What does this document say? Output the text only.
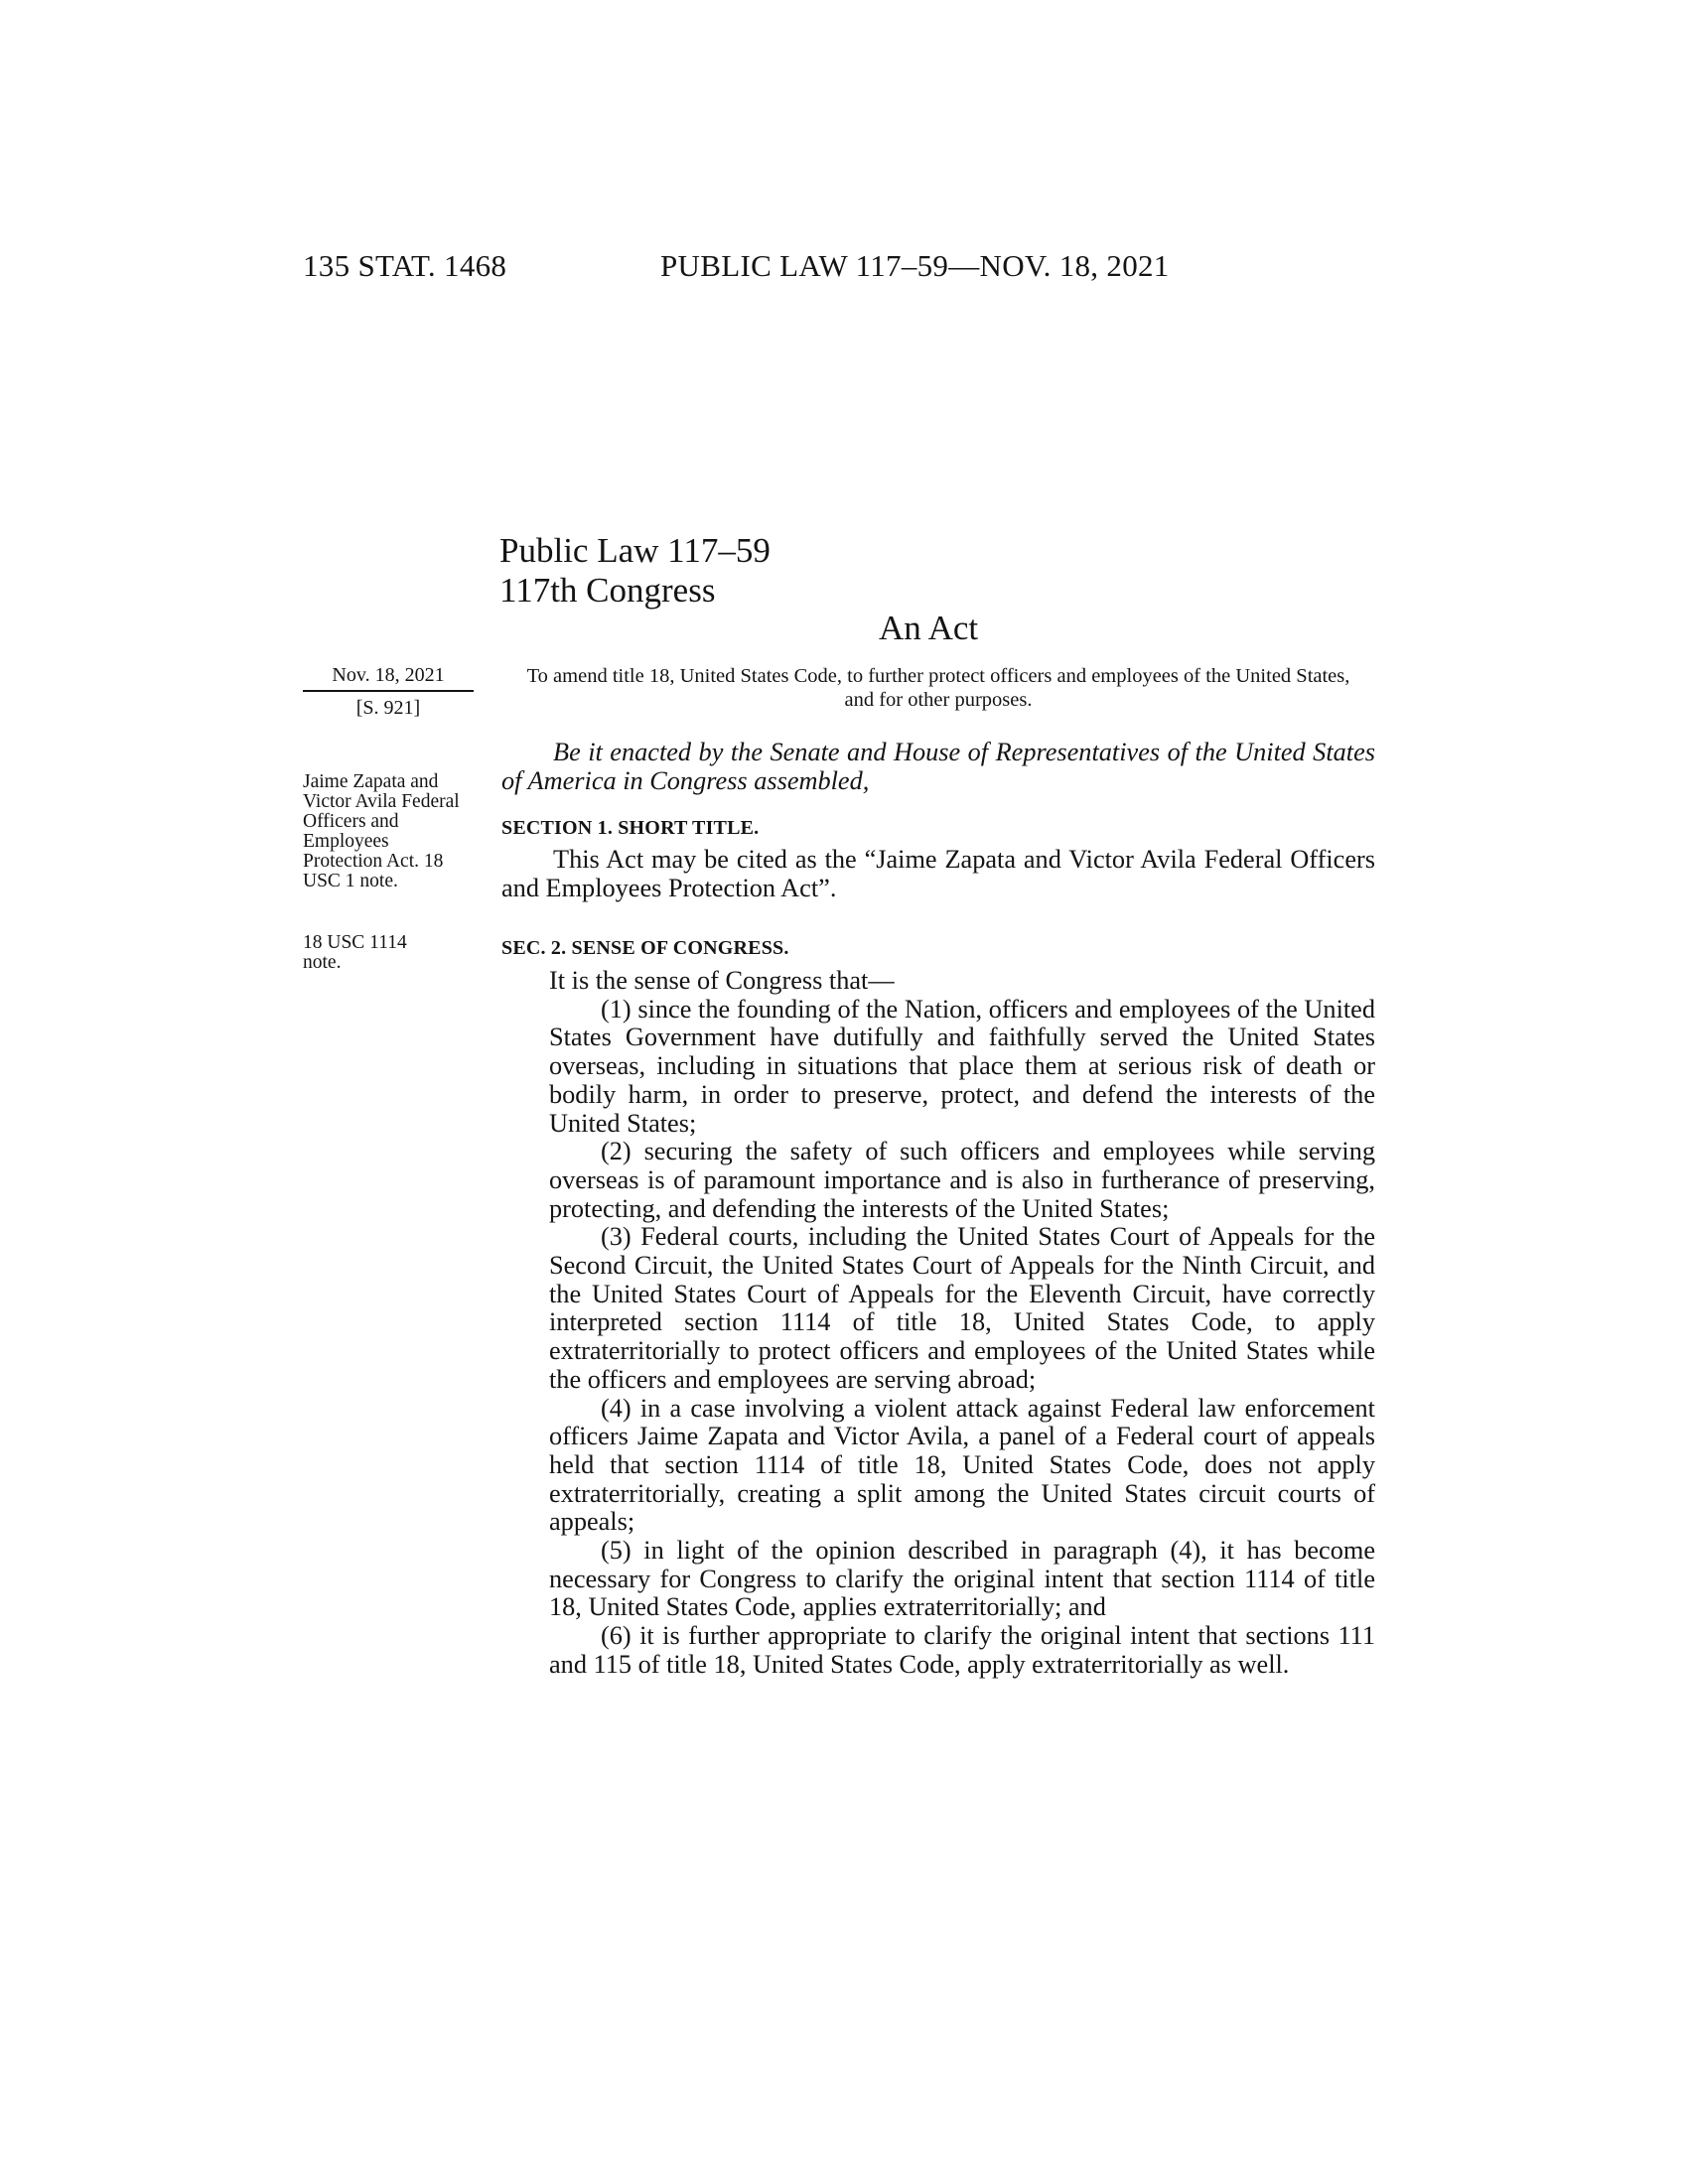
135 STAT. 1468	PUBLIC LAW 117–59—NOV. 18, 2021
Public Law 117–59
117th Congress
An Act
Nov. 18, 2021
[S. 921]
To amend title 18, United States Code, to further protect officers and employees of the United States, and for other purposes.
Jaime Zapata and Victor Avila Federal Officers and Employees Protection Act. 18 USC 1 note.
18 USC 1114 note.
Be it enacted by the Senate and House of Representatives of the United States of America in Congress assembled,
SECTION 1. SHORT TITLE.
This Act may be cited as the “Jaime Zapata and Victor Avila Federal Officers and Employees Protection Act”.
SEC. 2. SENSE OF CONGRESS.

It is the sense of Congress that—

(1) since the founding of the Nation, officers and employees of the United States Government have dutifully and faithfully served the United States overseas, including in situations that place them at serious risk of death or bodily harm, in order to preserve, protect, and defend the interests of the United States;

(2) securing the safety of such officers and employees while serving overseas is of paramount importance and is also in furtherance of preserving, protecting, and defending the interests of the United States;

(3) Federal courts, including the United States Court of Appeals for the Second Circuit, the United States Court of Appeals for the Ninth Circuit, and the United States Court of Appeals for the Eleventh Circuit, have correctly interpreted section 1114 of title 18, United States Code, to apply extraterritorially to protect officers and employees of the United States while the officers and employees are serving abroad;

(4) in a case involving a violent attack against Federal law enforcement officers Jaime Zapata and Victor Avila, a panel of a Federal court of appeals held that section 1114 of title 18, United States Code, does not apply extraterritorially, creating a split among the United States circuit courts of appeals;

(5) in light of the opinion described in paragraph (4), it has become necessary for Congress to clarify the original intent that section 1114 of title 18, United States Code, applies extraterritorially; and

(6) it is further appropriate to clarify the original intent that sections 111 and 115 of title 18, United States Code, apply extraterritorially as well.
